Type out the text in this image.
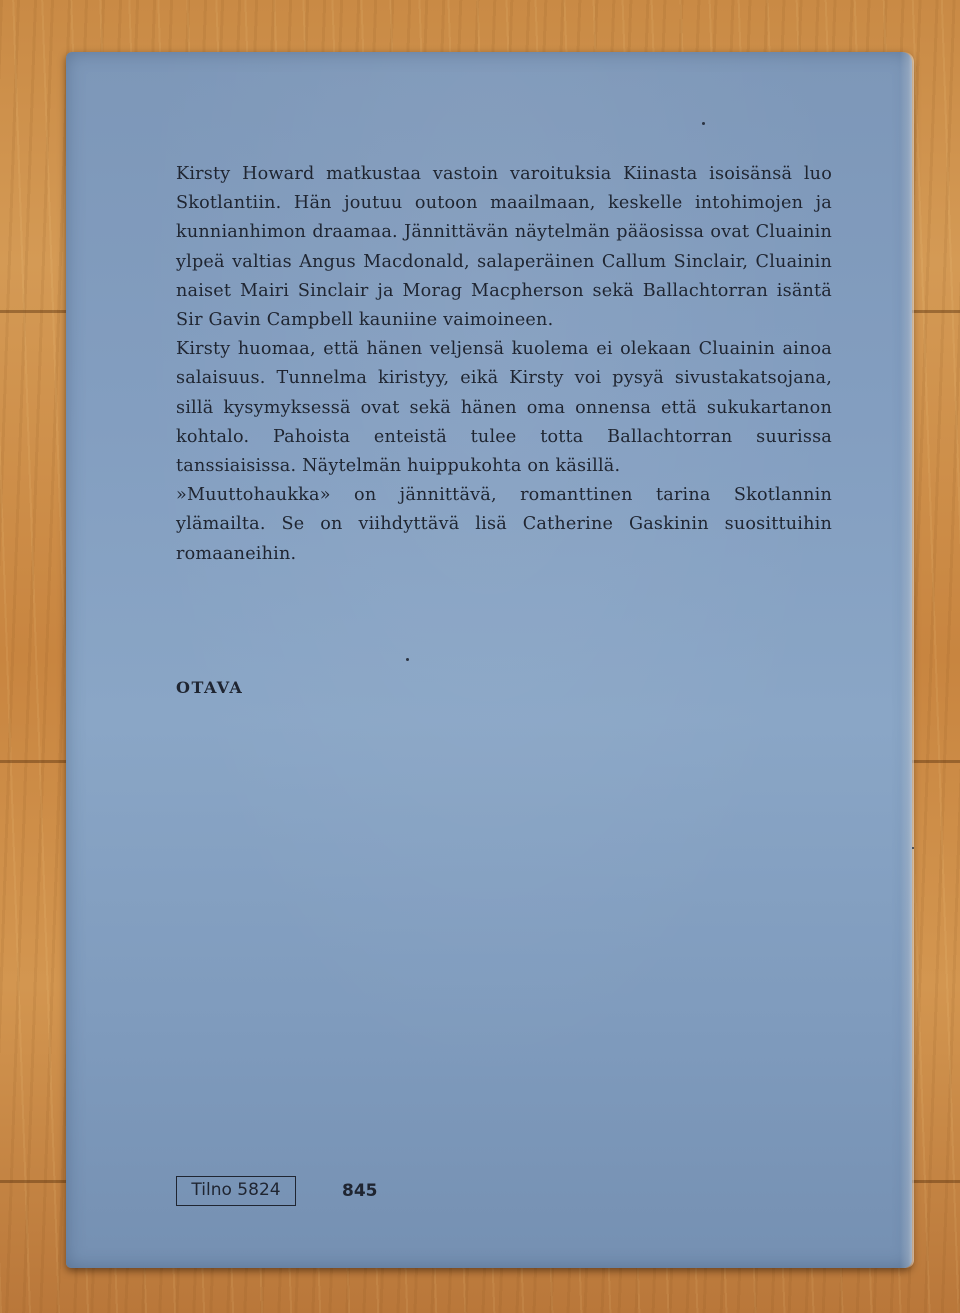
Kirsty Howard matkustaa vastoin varoituksia Kiinasta isoisänsä luo Skotlantiin. Hän joutuu outoon maailmaan, keskelle intohimojen ja kunnianhimon draamaa. Jännittävän näytelmän pääosissa ovat Cluainin ylpeä valtias Angus Macdonald, salaperäinen Callum Sinclair, Cluainin naiset Mairi Sinclair ja Morag Macpherson sekä Ballachtorran isäntä Sir Gavin Campbell kauniine vaimoineen.

Kirsty huomaa, että hänen veljensä kuolema ei olekaan Cluainin ainoa salaisuus. Tunnelma kiristyy, eikä Kirsty voi pysyä sivustakatsojana, sillä kysymyksessä ovat sekä hänen oma onnensa että sukukartanon kohtalo. Pahoista enteistä tulee totta Ballachtorran suurissa tanssiaisissa. Näytelmän huippukohta on käsillä.

»Muuttohaukka» on jännittävä, romanttinen tarina Skotlannin ylämailta. Se on viihdyttävä lisä Catherine Gaskinin suosittuihin romaaneihin.

OTAVA
Tilno 5824	845
